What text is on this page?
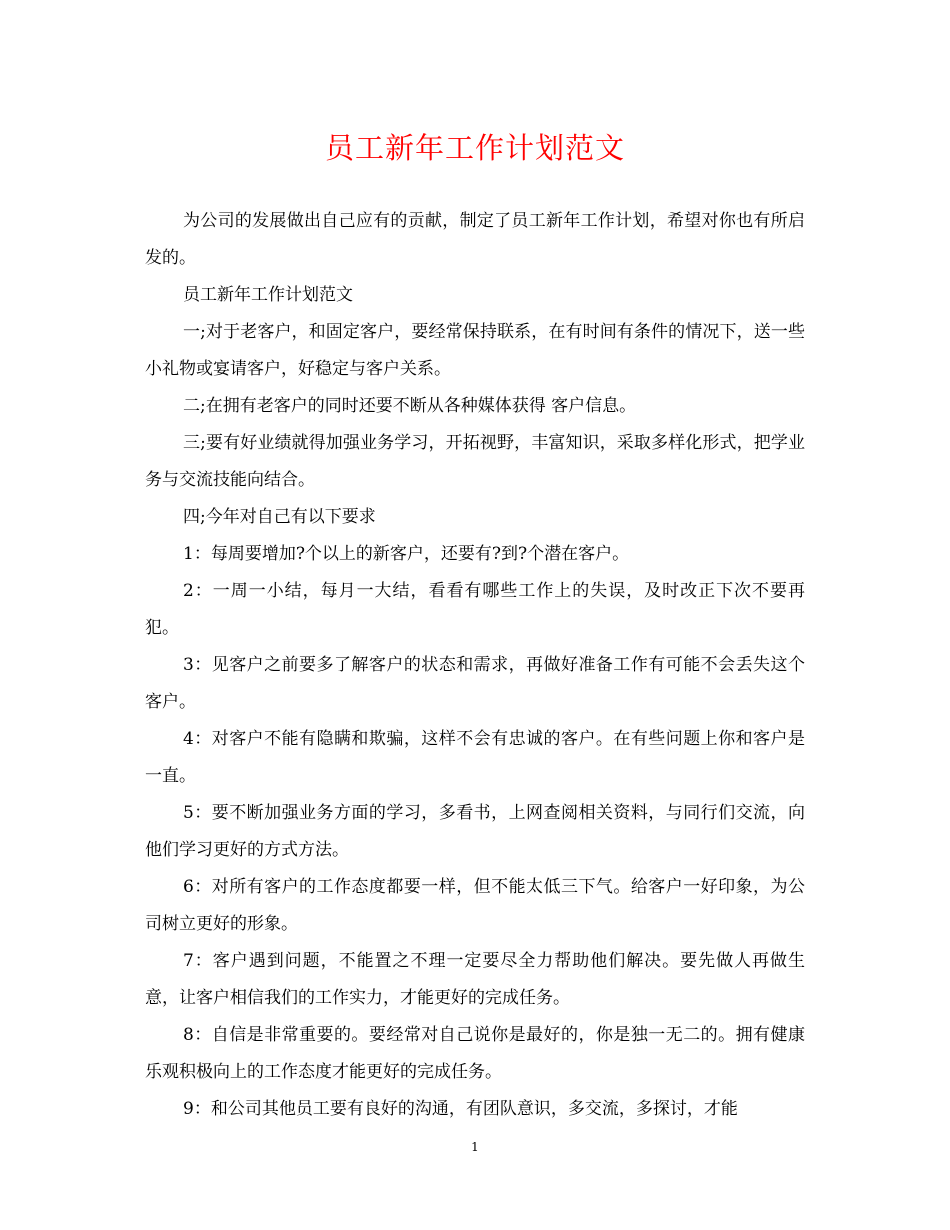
员工新年工作计划范文

为公司的发展做出自己应有的贡献，制定了员工新年工作计划，希望对你也有所启发的。

员工新年工作计划范文

一;对于老客户，和固定客户，要经常保持联系，在有时间有条件的情况下，送一些小礼物或宴请客户，好稳定与客户关系。

二;在拥有老客户的同时还要不断从各种媒体获得 客户信息。

三;要有好业绩就得加强业务学习，开拓视野，丰富知识，采取多样化形式，把学业务与交流技能向结合。

四;今年对自己有以下要求

1：每周要增加?个以上的新客户，还要有?到?个潜在客户。

2：一周一小结，每月一大结，看看有哪些工作上的失误，及时改正下次不要再犯。

3：见客户之前要多了解客户的状态和需求，再做好准备工作有可能不会丢失这个客户。

4：对客户不能有隐瞒和欺骗，这样不会有忠诚的客户。在有些问题上你和客户是一直。

5：要不断加强业务方面的学习，多看书，上网查阅相关资料，与同行们交流，向他们学习更好的方式方法。

6：对所有客户的工作态度都要一样，但不能太低三下气。给客户一好印象，为公司树立更好的形象。

7：客户遇到问题，不能置之不理一定要尽全力帮助他们解决。要先做人再做生意，让客户相信我们的工作实力，才能更好的完成任务。

8：自信是非常重要的。要经常对自己说你是最好的，你是独一无二的。拥有健康乐观积极向上的工作态度才能更好的完成任务。

9：和公司其他员工要有良好的沟通，有团队意识，多交流，多探讨，才能

1
